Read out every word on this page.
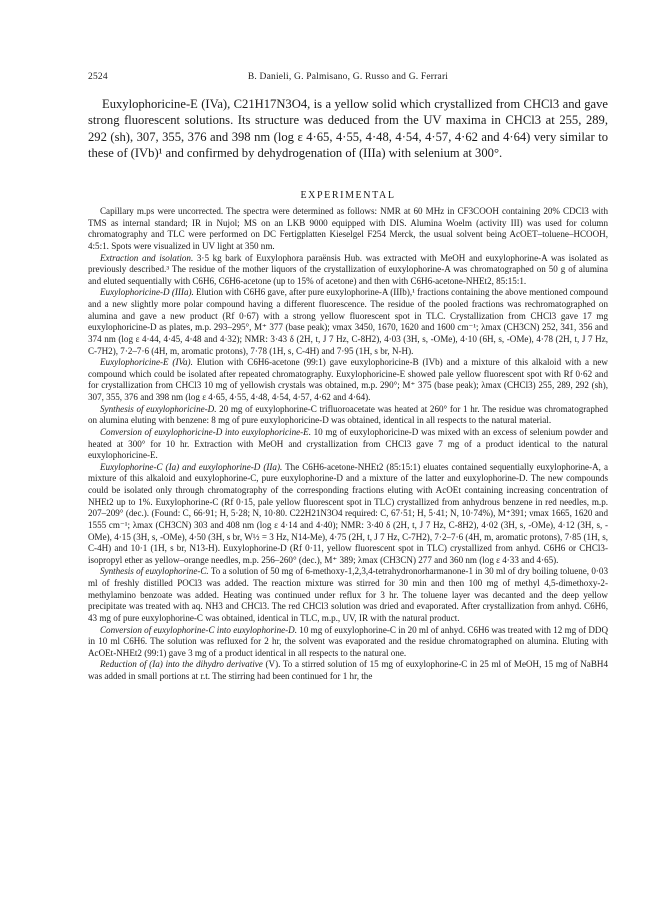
2524	B. Danieli, G. Palmisano, G. Russo and G. Ferrari

Euxylophoricine-E (IVa), C21H17N3O4, is a yellow solid which crystallized from CHCl3 and gave strong fluorescent solutions. Its structure was deduced from the UV maxima in CHCl3 at 255, 289, 292 (sh), 307, 355, 376 and 398 nm (log ε 4·65, 4·55, 4·48, 4·54, 4·57, 4·62 and 4·64) very similar to these of (IVb)¹ and confirmed by dehydrogenation of (IIIa) with selenium at 300°.

EXPERIMENTAL

Capillary m.ps were uncorrected. The spectra were determined as follows: NMR at 60 MHz in CF3COOH containing 20% CDCl3 with TMS as internal standard; IR in Nujol; MS on an LKB 9000 equipped with DIS. Alumina Woelm (activity III) was used for column chromatography and TLC were performed on DC Fertigplatten Kieselgel F254 Merck, the usual solvent being AcOET–toluene–HCOOH, 4:5:1. Spots were visualized in UV light at 350 nm.

Extraction and isolation. 3·5 kg bark of Euxylophora paraënsis Hub. was extracted with MeOH and euxylophorine-A was isolated as previously described.³ The residue of the mother liquors of the crystallization of euxylophorine-A was chromatographed on 50 g of alumina and eluted sequentially with C6H6, C6H6-acetone (up to 15% of acetone) and then with C6H6-acetone-NHEt2, 85:15:1.

Euxylophoricine-D (IIIa). Elution with C6H6 gave, after pure euxylophorine-A (IIIb),¹ fractions containing the above mentioned compound and a new slightly more polar compound having a different fluorescence. The residue of the pooled fractions was rechromatographed on alumina and gave a new product (Rf 0·67) with a strong yellow fluorescent spot in TLC. Crystallization from CHCl3 gave 17 mg euxylophoricine-D as plates, m.p. 293–295°, M⁺ 377 (base peak); νmax 3450, 1670, 1620 and 1600 cm⁻¹; λmax (CH3CN) 252, 341, 356 and 374 nm (log ε 4·44, 4·45, 4·48 and 4·32); NMR: 3·43 δ (2H, t, J 7 Hz, C-8H2), 4·03 (3H, s, -OMe), 4·10 (6H, s, -OMe), 4·78 (2H, t, J 7 Hz, C-7H2), 7·2–7·6 (4H, m, aromatic protons), 7·78 (1H, s, C-4H) and 7·95 (1H, s br, N-H).

Euxylophoricine-E (IVa). Elution with C6H6-acetone (99:1) gave euxylophoricine-B (IVb) and a mixture of this alkaloid with a new compound which could be isolated after repeated chromatography. Euxylophoricine-E showed pale yellow fluorescent spot with Rf 0·62 and for crystallization from CHCl3 10 mg of yellowish crystals was obtained, m.p. 290°; M⁺ 375 (base peak); λmax (CHCl3) 255, 289, 292 (sh), 307, 355, 376 and 398 nm (log ε 4·65, 4·55, 4·48, 4·54, 4·57, 4·62 and 4·64).

Synthesis of euxylophoricine-D. 20 mg of euxylophorine-C trifluoroacetate was heated at 260° for 1 hr. The residue was chromatographed on alumina eluting with benzene: 8 mg of pure euxylophoricine-D was obtained, identical in all respects to the natural material.

Conversion of euxylophoricine-D into euxylophoricine-E. 10 mg of euxylophoricine-D was mixed with an excess of selenium powder and heated at 300° for 10 hr. Extraction with MeOH and crystallization from CHCl3 gave 7 mg of a product identical to the natural euxylophoricine-E.

Euxylophorine-C (Ia) and euxylophorine-D (IIa). The C6H6-acetone-NHEt2 (85:15:1) eluates contained sequentially euxylophorine-A, a mixture of this alkaloid and euxylophorine-C, pure euxylophorine-D and a mixture of the latter and euxylophorine-D. The new compounds could be isolated only through chromatography of the corresponding fractions eluting with AcOEt containing increasing concentration of NHEt2 up to 1%. Euxylophorine-C (Rf 0·15, pale yellow fluorescent spot in TLC) crystallized from anhydrous benzene in red needles, m.p. 207–209° (dec.). (Found: C, 66·91; H, 5·28; N, 10·80. C22H21N3O4 required: C, 67·51; H, 5·41; N, 10·74%), M⁺391; νmax 1665, 1620 and 1555 cm⁻¹; λmax (CH3CN) 303 and 408 nm (log ε 4·14 and 4·40); NMR: 3·40 δ (2H, t, J 7 Hz, C-8H2), 4·02 (3H, s, -OMe), 4·12 (3H, s, -OMe), 4·15 (3H, s, -OMe), 4·50 (3H, s br, W½ = 3 Hz, N14-Me), 4·75 (2H, t, J 7 Hz, C-7H2), 7·2–7·6 (4H, m, aromatic protons), 7·85 (1H, s, C-4H) and 10·1 (1H, s br, N13-H). Euxylophorine-D (Rf 0·11, yellow fluorescent spot in TLC) crystallized from anhyd. C6H6 or CHCl3-isopropyl ether as yellow–orange needles, m.p. 256–260° (dec.), M⁺ 389; λmax (CH3CN) 277 and 360 nm (log ε 4·33 and 4·65).

Synthesis of euxylophorine-C. To a solution of 50 mg of 6-methoxy-1,2,3,4-tetrahydronorharmanone-1 in 30 ml of dry boiling toluene, 0·03 ml of freshly distilled POCl3 was added. The reaction mixture was stirred for 30 min and then 100 mg of methyl 4,5-dimethoxy-2-methylamino benzoate was added. Heating was continued under reflux for 3 hr. The toluene layer was decanted and the deep yellow precipitate was treated with aq. NH3 and CHCl3. The red CHCl3 solution was dried and evaporated. After crystallization from anhyd. C6H6, 43 mg of pure euxylophorine-C was obtained, identical in TLC, m.p., UV, IR with the natural product.

Conversion of euxylophorine-C into euxylophorine-D. 10 mg of euxylophorine-C in 20 ml of anhyd. C6H6 was treated with 12 mg of DDQ in 10 ml C6H6. The solution was refluxed for 2 hr, the solvent was evaporated and the residue chromatographed on alumina. Eluting with AcOEt-NHEt2 (99:1) gave 3 mg of a product identical in all respects to the natural one.

Reduction of (Ia) into the dihydro derivative (V). To a stirred solution of 15 mg of euxylophorine-C in 25 ml of MeOH, 15 mg of NaBH4 was added in small portions at r.t. The stirring had been continued for 1 hr, the
